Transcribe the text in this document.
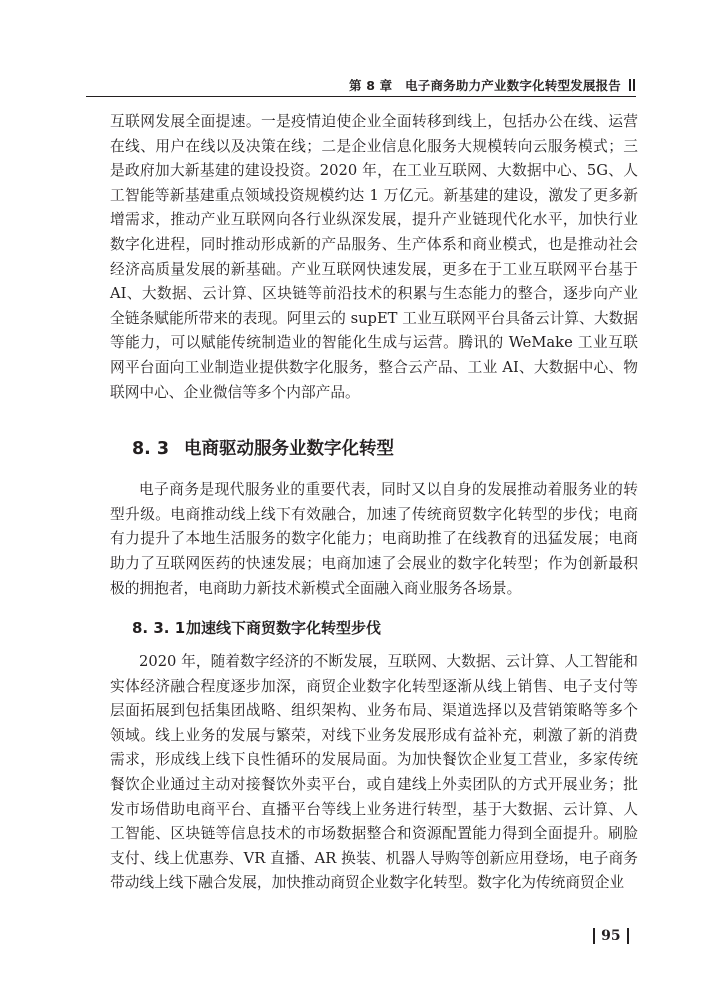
第 8 章　电子商务助力产业数字化转型发展报告

互联网发展全面提速。一是疫情迫使企业全面转移到线上，包括办公在线、运营在线、用户在线以及决策在线；二是企业信息化服务大规模转向云服务模式；三是政府加大新基建的建设投资。2020 年，在工业互联网、大数据中心、5G、人工智能等新基建重点领域投资规模约达 1 万亿元。新基建的建设，激发了更多新增需求，推动产业互联网向各行业纵深发展，提升产业链现代化水平，加快行业数字化进程，同时推动形成新的产品服务、生产体系和商业模式，也是推动社会经济高质量发展的新基础。产业互联网快速发展，更多在于工业互联网平台基于 AI、大数据、云计算、区块链等前沿技术的积累与生态能力的整合，逐步向产业全链条赋能所带来的表现。阿里云的 supET 工业互联网平台具备云计算、大数据等能力，可以赋能传统制造业的智能化生成与运营。腾讯的 WeMake 工业互联网平台面向工业制造业提供数字化服务，整合云产品、工业 AI、大数据中心、物联网中心、企业微信等多个内部产品。

8. 3 电商驱动服务业数字化转型

电子商务是现代服务业的重要代表，同时又以自身的发展推动着服务业的转型升级。电商推动线上线下有效融合，加速了传统商贸数字化转型的步伐；电商有力提升了本地生活服务的数字化能力；电商助推了在线教育的迅猛发展；电商助力了互联网医药的快速发展；电商加速了会展业的数字化转型；作为创新最积极的拥抱者，电商助力新技术新模式全面融入商业服务各场景。

8. 3. 1 加速线下商贸数字化转型步伐

2020 年，随着数字经济的不断发展，互联网、大数据、云计算、人工智能和实体经济融合程度逐步加深，商贸企业数字化转型逐渐从线上销售、电子支付等层面拓展到包括集团战略、组织架构、业务布局、渠道选择以及营销策略等多个领域。线上业务的发展与繁荣，对线下业务发展形成有益补充，刺激了新的消费需求，形成线上线下良性循环的发展局面。为加快餐饮企业复工营业，多家传统餐饮企业通过主动对接餐饮外卖平台，或自建线上外卖团队的方式开展业务；批发市场借助电商平台、直播平台等线上业务进行转型，基于大数据、云计算、人工智能、区块链等信息技术的市场数据整合和资源配置能力得到全面提升。刷脸支付、线上优惠券、VR 直播、AR 换装、机器人导购等创新应用登场，电子商务带动线上线下融合发展，加快推动商贸企业数字化转型。数字化为传统商贸企业

95
